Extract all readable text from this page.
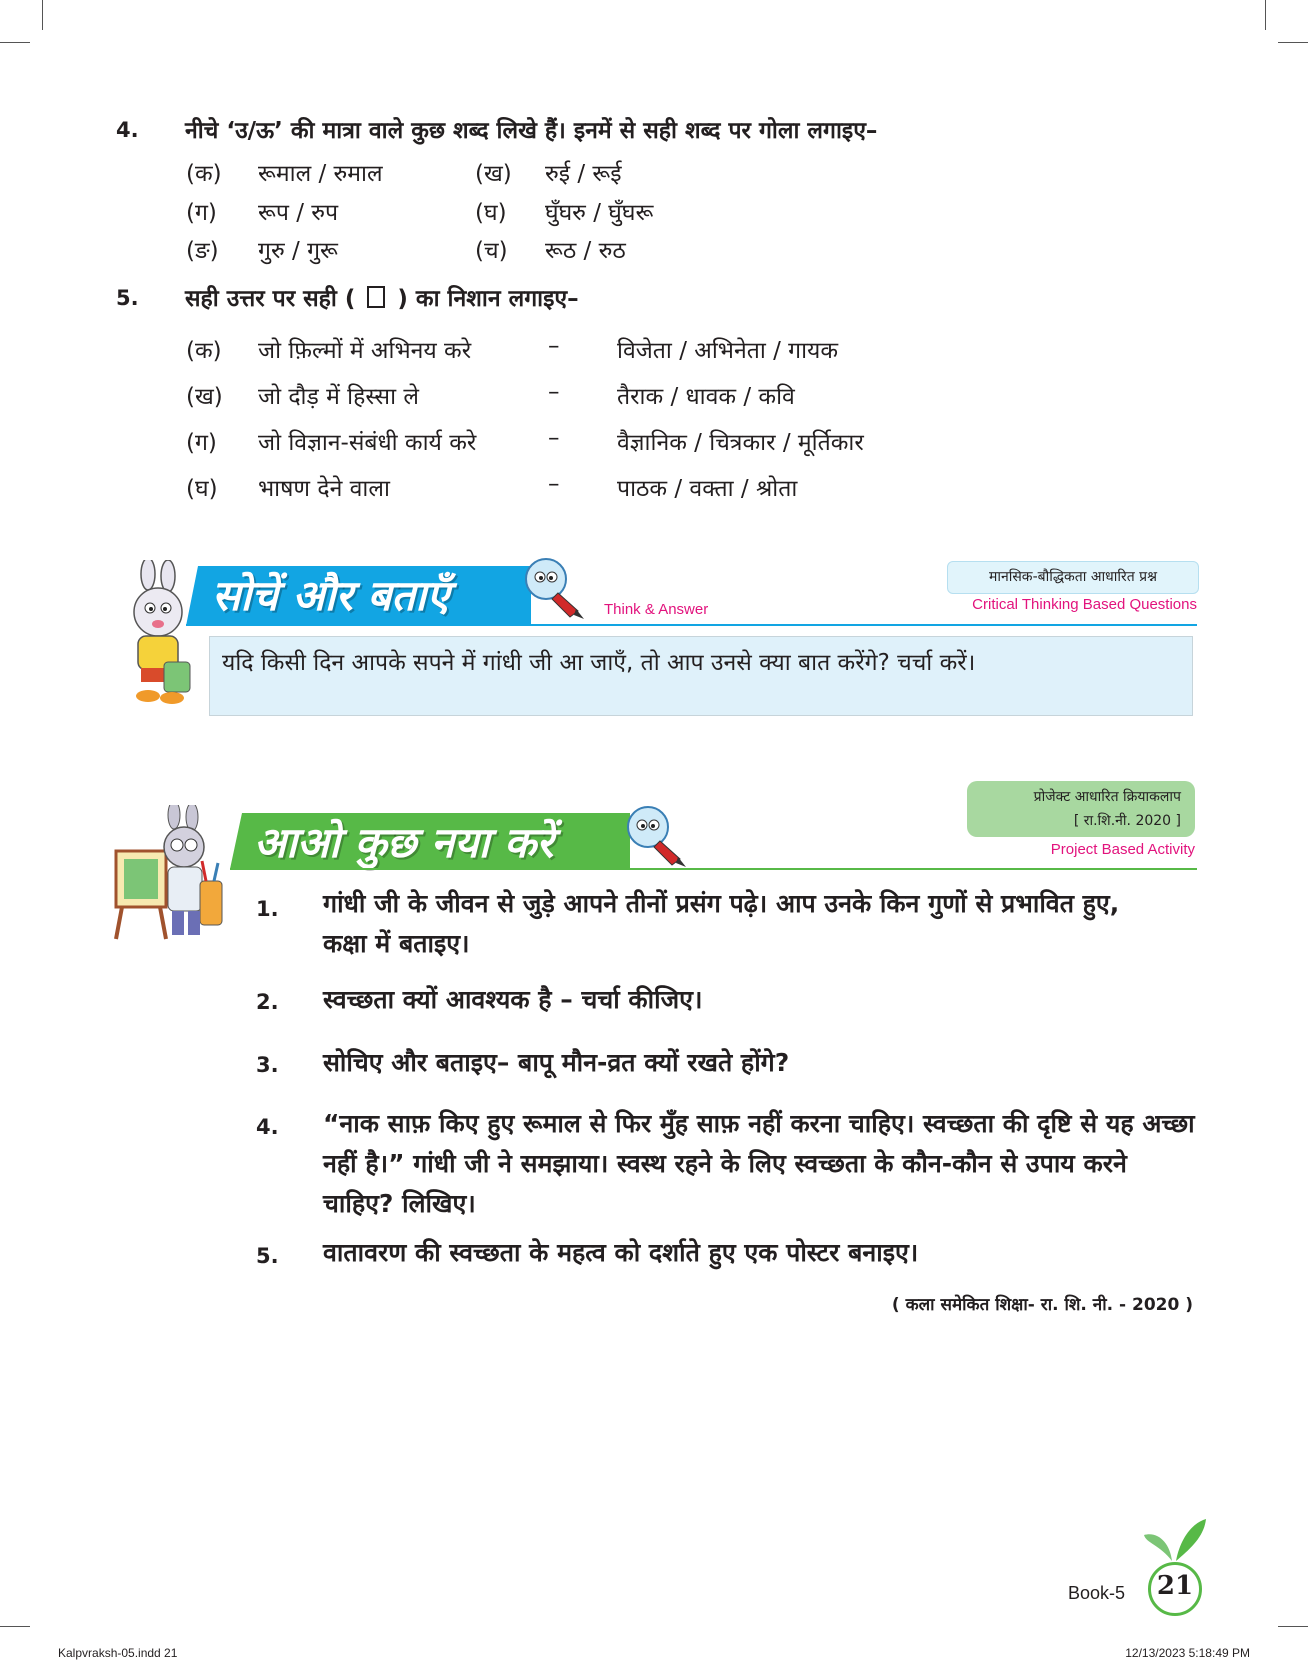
4. नीचे ‘उ/ऊ’ की मात्रा वाले कुछ शब्द लिखे हैं। इनमें से सही शब्द पर गोला लगाइए–
(क) रूमाल / रुमाल	(ख) रुई / रूई
(ग) रूप / रुप	(घ) घुँघरु / घुँघरू
(ङ) गुरु / गुरू	(च) रूठ / रुठ
5. सही उत्तर पर सही ( ) का निशान लगाइए–
(क) जो फ़िल्मों में अभिनय करे	–	विजेता / अभिनेता / गायक
(ख) जो दौड़ में हिस्सा ले	–	तैराक / धावक / कवि
(ग) जो विज्ञान-संबंधी कार्य करे	–	वैज्ञानिक / चित्रकार / मूर्तिकार
(घ) भाषण देने वाला	–	पाठक / वक्ता / श्रोता
सोचें और बताएँ	Think & Answer
मानसिक-बौद्धिकता आधारित प्रश्न
Critical Thinking Based Questions
यदि किसी दिन आपके सपने में गांधी जी आ जाएँ, तो आप उनसे क्या बात करेंगे? चर्चा करें।
आओ कुछ नया करें
प्रोजेक्ट आधारित क्रियाकलाप
[ रा.शि.नी. 2020 ]
Project Based Activity
1. गांधी जी के जीवन से जुड़े आपने तीनों प्रसंग पढ़े। आप उनके किन गुणों से प्रभावित हुए, कक्षा में बताइए।
2. स्वच्छता क्यों आवश्यक है – चर्चा कीजिए।
3. सोचिए और बताइए– बापू मौन-व्रत क्यों रखते होंगे?
4. “नाक साफ़ किए हुए रूमाल से फिर मुँह साफ़ नहीं करना चाहिए। स्वच्छता की दृष्टि से यह अच्छा नहीं है।” गांधी जी ने समझाया। स्वस्थ रहने के लिए स्वच्छता के कौन-कौन से उपाय करने चाहिए? लिखिए।
5. वातावरण की स्वच्छता के महत्व को दर्शाते हुए एक पोस्टर बनाइए।
( कला समेकित शिक्षा- रा. शि. नी. - 2020 )
Book-5	21
Kalpvraksh-05.indd 21	12/13/2023 5:18:49 PM
